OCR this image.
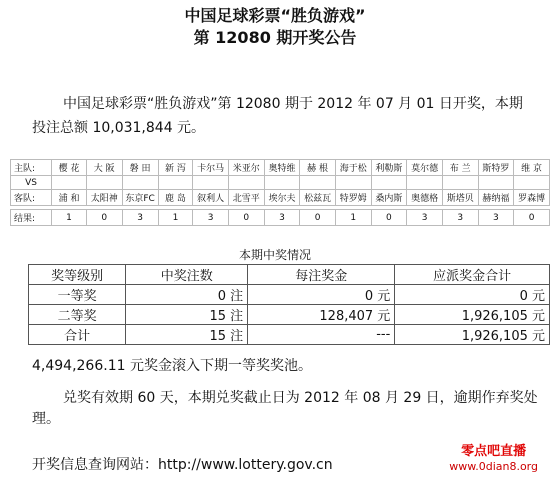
中国足球彩票“胜负游戏”
第 12080 期开奖公告
中国足球彩票“胜负游戏”第 12080 期于 2012 年 07 月 01 日开奖，本期
投注总额 10,031,844 元。
主队:	樱 花	大 阪	磐 田	新 泻	卡尔马	米亚尔	奥特维	赫 根	海于松	利勒斯	莫尔德	布 兰	斯特罗	维 京
VS														
客队:	浦 和	太阳神	东京FC	鹿 岛	叙利人	北雪平	埃尔夫	松兹瓦	特罗姆	桑内斯	奥德格	斯塔贝	赫纳福	罗森博

结果:	1	0	3	1	3	0	3	0	1	0	3	3	3	0
本期中奖情况
奖等级别	中奖注数	每注奖金	应派奖金合计
一等奖	0 注	0 元	0 元
二等奖	15 注	128,407 元	1,926,105 元
合计	15 注	---	1,926,105 元
4,494,266.11 元奖金滚入下期一等奖奖池。
兑奖有效期 60 天，本期兑奖截止日为 2012 年 08 月 29 日，逾期作弃奖处
理。
开奖信息查询网站：http://www.lottery.gov.cn
零点吧直播
www.0dian8.org
